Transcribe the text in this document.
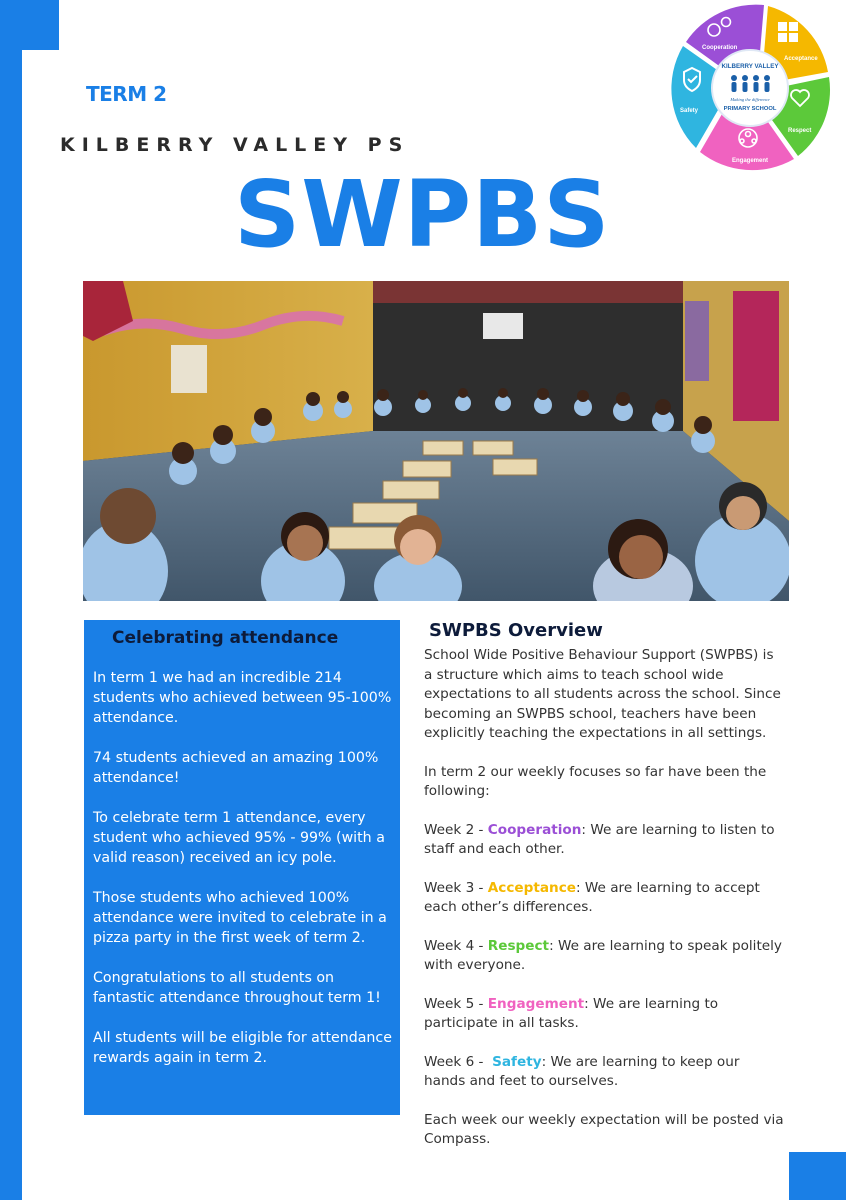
TERM 2
KILBERRY VALLEY PS
SWPBS
KILBERRY VALLEY
Making the difference
PRIMARY SCHOOL
Cooperation
Acceptance
Respect
Engagement
Safety
Celebrating attendance

In term 1 we had an incredible 214 students who achieved between 95-100% attendance.

74 students achieved an amazing 100% attendance!

To celebrate term 1 attendance, every student who achieved 95% - 99% (with a valid reason) received an icy pole.

Those students who achieved 100% attendance were invited to celebrate in a pizza party in the first week of term 2.

Congratulations to all students on fantastic attendance throughout term 1!

All students will be eligible for attendance rewards again in term 2.

SWPBS Overview

School Wide Positive Behaviour Support (SWPBS) is a structure which aims to teach school wide expectations to all students across the school. Since becoming an SWPBS school, teachers have been explicitly teaching the expectations in all settings.

In term 2 our weekly focuses so far have been the following:

Week 2 - Cooperation: We are learning to listen to staff and each other.

Week 3 - Acceptance: We are learning to accept each other’s differences.

Week 4 - Respect: We are learning to speak politely with everyone.

Week 5 - Engagement: We are learning to participate in all tasks.

Week 6 -  Safety: We are learning to keep our hands and feet to ourselves.

Each week our weekly expectation will be posted via Compass.
